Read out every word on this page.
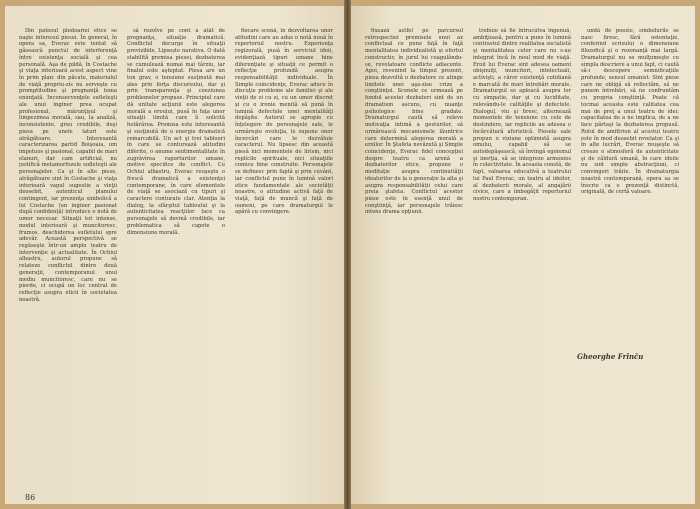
Din patosul pledoariei etice se naşte interesul piesei. În general, în opera sa, Everac este tentat să găsească punctul de interferenţă între existenţa socială şi cea personală. Aşa de pildă, în Costache şi viaţa interioară acest aspect vine în prim plan: din păcate, materialul de viaţă propriu-zis nu serveşte cu promptitudine şi pregnanţă tema enunţată. Inconsecvenţele sufleteşti ale unui inginer prea ocupat profesional, mărunţişul şi limpezimea morală, sau, la analiză, inconsistente, greu credibile, deşi piesa pe unele laturi este atrăgătoare. Interesantă caracterizarea partid Boişoaia, om impetuos şi pasional, capabil de mari elanuri, dar cam artificial, nu justifică metamorfozele sufleteşti ale personajelor. Ca şi în alte piese, atrăgătoare sint în Costache şi viaţa interioară vagul sugestie a vieţii deosebit, autenticul planului contingent, iar prezenţa simbolică a lui Costache (un inginer pasionat după confidenţă) introduce o notă de umor necesar. Situaţii tot intense, modul interioară şi muncitoresc, frumos, deschiderea sufletului spre adevăr. Această perspectivă se regăseşte într-un amplu teatru de intervenţie şi actualitate. În Ochiul albastru, autorul propune să relateze conflictul dintre două generaţii, contemporanul unui mediu muncitoresc, care nu se pierde, ci ocupă un loc central de reflecţie asupra eticii în societatea noastră.

să rezolve pe cont a atât de prognanţa, situaţia dramatică. Conflictul decurge în situaţii previzibile, Lipsește narativa. O dată stabilită premisa piesei, dezbaterea se cumulează numai mai târziu, iar finalul este aşteptat. Piesa are un ton grav, o tensiune susţinută mai ales prin forţa discursului, dar şi prin transparenţa şi coeziunea problemelor propuse. Principiul care dă unitate acţiunii este alegerea morală a eroului, pusă în faţa unor situaţii limită care îi solicită hotărârea. Premisa este interesantă şi susţinută de o energie dramatică remarcabilă. Un act şi trei tablouri în care se conturează atitudini diferite, o anume sentimentalitate în zugrăvirea raporturilor umane, motive specifice de conflict. Cu Ochiul albastru, Everac reuşeşte o frescă dramatică a existenţei contemporane, în care elementele de viaţă se asociază cu tipuri şi caractere conturate clar. Atenţia la dialog, la sfârşitul tabloului şi la autenticitatea reacţiilor face ca personajele să devină credibile, iar problematica să capete o dimensiune morală.

fiecare scenă, în dezvoltarea unor atitudini care au adus o notă nouă în repertoriul nostru. Experienţa regizorală, pusă în serviciul ideii, evidenţiază tipuri umane bine diferenţiate şi situaţii ce permit o reflecţie profundă asupra responsabilităţii individuale. În Simple coincidenţe, Everac aduce în discuţie probleme ale familiei şi ale vieţii de zi cu zi, cu un umor discret şi cu o ironie menită să pună în lumină defectele unei mentalităţi depăşite. Autorul se apropie cu înţelegere de personajele sale, le urmăreşte evoluţia, le supune unor încercări care le dezvăluie caracterul. Nu lipsesc din această piesă nici momentele de lirism, nici replicile spirituale, nici situaţiile comice bine construite. Personajele se definesc prin faptă şi prin cuvânt, iar conflictul pune în lumină valori etice fundamentale ale societăţii noastre, o atitudine activă faţă de viaţă, faţă de muncă şi faţă de oameni, pe care dramaturgul le apără cu convingere.

86

fixează astfel pe parcursul retrospectiei premisele unui ax conflictual ce pune faţă în faţă mentalitatea individualistă şi efortul constructiv, în jurul lui coagulându-se, revelatoare conflicte adiacente. Apoi, revenind la timpul prezent, piesa dezvoltă o dezbatere ce atinge limitele unei aşa-zise crize a conştiinţei. Scenele ce urmează pe fondul acestei dezbateri sint de un dramatism ascuns, cu nuanţe psihologice bine gradate. Dramaturgul caută să releve motivaţia intimă a gesturilor, să urmărească mecanismele lăuntrice care determină alegerea morală a eroilor. În Ştafeta nevăzută şi Simple coincidenţe, Everac fidel concepţiei despre teatru ca arenă a dezbaterilor etice, propune o meditaţie asupra continuităţii idealurilor de la o generaţie la alta şi asupra responsabilităţii celui care preia ştafeta. Conflictul acestor piese este în esenţă unul de conştiinţă, iar personajele trăiesc intens drama opţiunii.

trebuie să fie întrucâtva ingenuă, ambiţioasă, pentru a pune în lumină contrastul dintre realitatea socialistă şi mentalitatea celor care nu s-au integrat încă în noul mod de viaţă. Eroii lui Everac sint adesea oameni obişnuiţi, muncitori, intelectuali, activişti, a căror existenţă cotidiană e marcată de mari întrebări morale. Dramaturgul se apleacă asupra lor cu simpatie, dar şi cu luciditate, relevându-le calităţile şi defectele. Dialogul, viu şi firesc, alternează momentele de tensiune cu cele de destindere, iar replicile au adesea o încărcătură aforistică. Piesele sale propun o viziune optimistă asupra omului, capabil să se autodepăşească, să învingă egoismul şi inerţia, să se integreze armonios în colectivitate. În aceasta constă, de fapt, valoarea educativă a teatrului lui Paul Everac, un teatru al ideilor, al dezbaterii morale, al angajării civice, care a îmbogăţit repertoriul nostru contemporan.

undă de poezie, simbolurile se nasc firesc, fără ostentaţie, conferind scrisului o dimensiune filozofică şi o rezonanţă mai largă. Dramaturgul nu se mulţumeşte cu simpla descriere a unui fapt, ci caută să-i descopere semnificaţiile profunde, sensul umanist. Sint piese care ne obligă să reflectăm, să ne punem întrebări, să ne confruntăm cu propria conştiinţă. Poate că tocmai aceasta este calitatea cea mai de preţ a unui teatru de idei: capacitatea de a ne implica, de a ne face părtaşi la dezbaterea propusă. Rolul de amfitrion al acestui teatru este în mod deosebit revelator. Ca şi în alte lucrări, Everac reuşeşte să creeze o atmosferă de autenticitate şi de căldură umană, în care ideile nu sint simple abstracţiuni, ci convingeri trăite. În dramaturgia noastră contemporană, opera sa se înscrie ca o prezenţă distinctă, originală, de certă valoare.

Gheorghe Frînču
